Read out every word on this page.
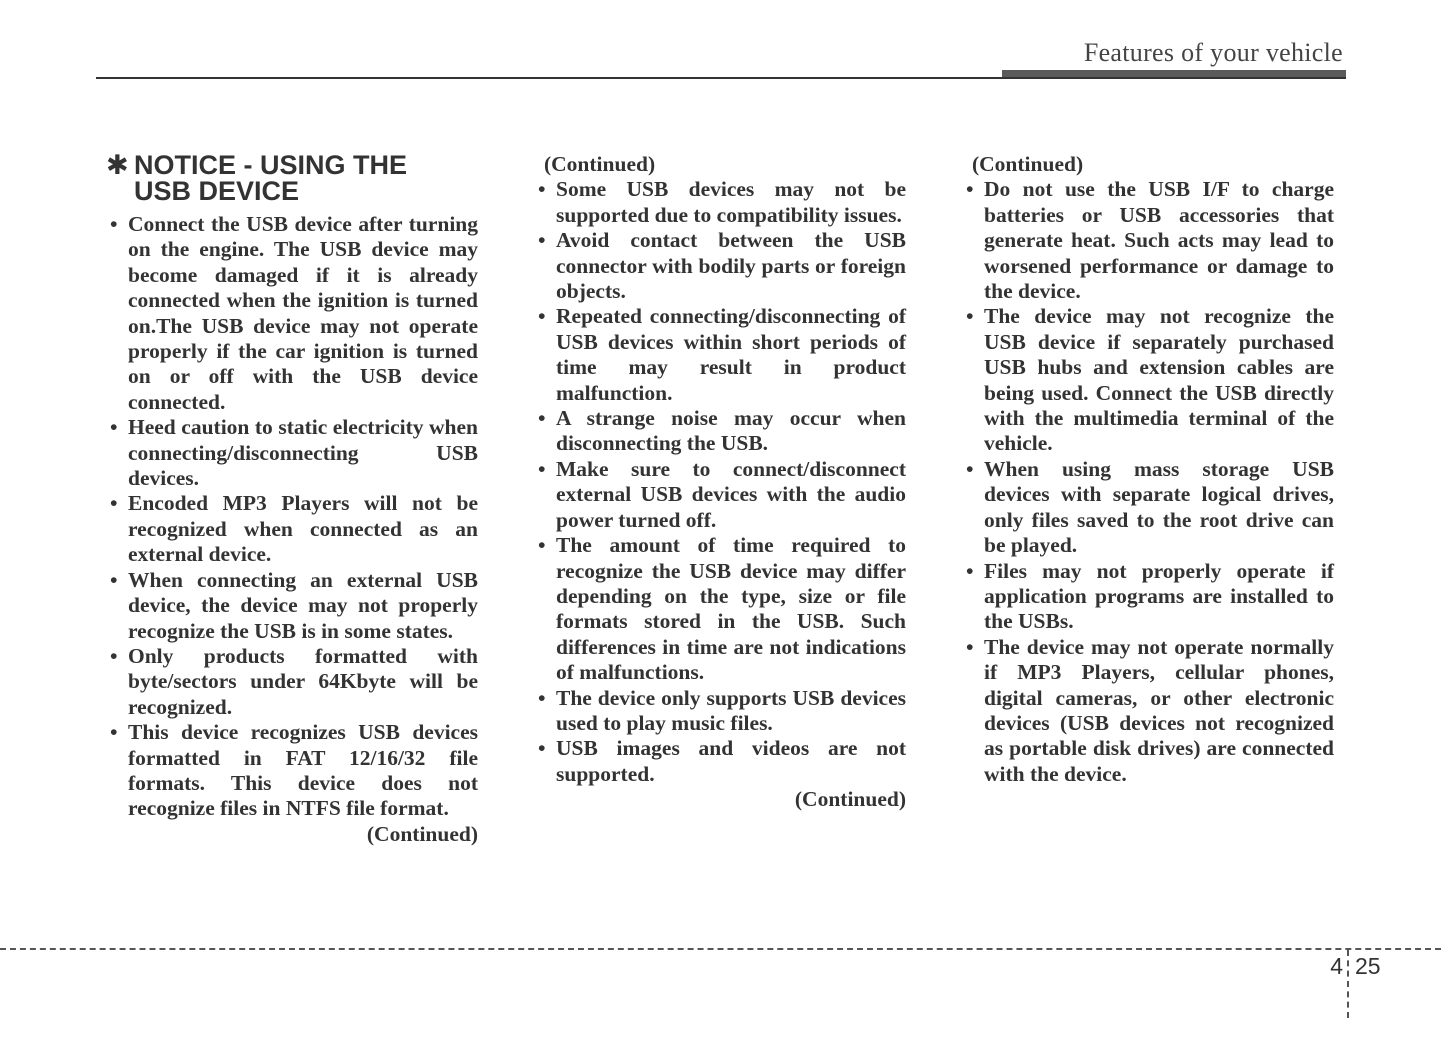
Features of your vehicle
✱ NOTICE - USING THE
USB DEVICE
• Connect the USB device after turning on the engine. The USB device may become damaged if it is already connected when the ignition is turned on.The USB device may not operate properly if the car ignition is turned on or off with the USB device connected.
• Heed caution to static electricity when connecting/disconnecting USB devices.
• Encoded MP3 Players will not be recognized when connected as an external device.
• When connecting an external USB device, the device may not properly recognize the USB is in some states.
• Only products formatted with byte/sectors under 64Kbyte will be recognized.
• This device recognizes USB devices formatted in FAT 12/16/32 file formats. This device does not recognize files in NTFS file format.
(Continued)
(Continued)
• Some USB devices may not be supported due to compatibility issues.
• Avoid contact between the USB connector with bodily parts or foreign objects.
• Repeated connecting/disconnecting of USB devices within short periods of time may result in product malfunction.
• A strange noise may occur when disconnecting the USB.
• Make sure to connect/disconnect external USB devices with the audio power turned off.
• The amount of time required to recognize the USB device may differ depending on the type, size or file formats stored in the USB. Such differences in time are not indications of malfunctions.
• The device only supports USB devices used to play music files.
• USB images and videos are not supported.
(Continued)
(Continued)
• Do not use the USB I/F to charge batteries or USB accessories that generate heat. Such acts may lead to worsened performance or damage to the device.
• The device may not recognize the USB device if separately purchased USB hubs and extension cables are being used. Connect the USB directly with the multimedia terminal of the vehicle.
• When using mass storage USB devices with separate logical drives, only files saved to the root drive can be played.
• Files may not properly operate if application programs are installed to the USBs.
• The device may not operate normally if MP3 Players, cellular phones, digital cameras, or other electronic devices (USB devices not recognized as portable disk drives) are connected with the device.
4 25
